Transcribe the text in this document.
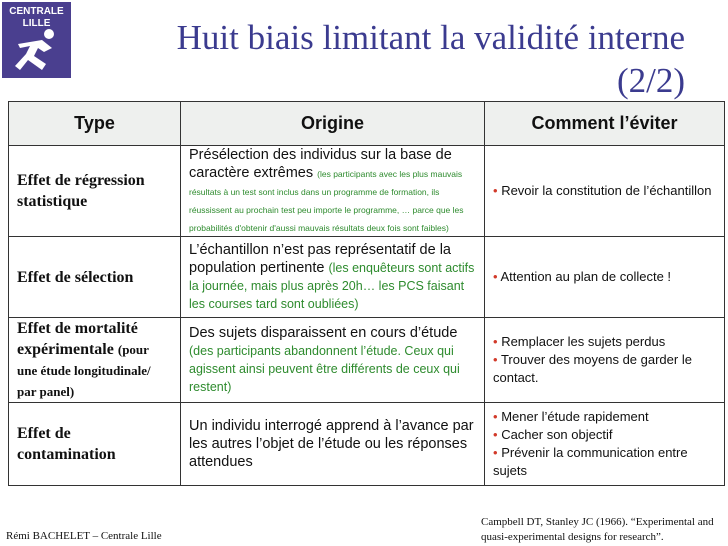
CENTRALE
LILLE	Huit biais limitant la validité interne
(2/2)
Type	Origine	Comment l’éviter
Effet de régression statistique	Présélection des individus sur la base de caractère extrêmes (les participants avec les plus mauvais résultats à un test sont inclus dans un programme de formation, ils réussissent au prochain test peu importe le programme, … parce que les probabilités d'obtenir d'aussi mauvais résultats deux fois sont faibles)	• Revoir la constitution de l’échantillon

Effet de sélection	L’échantillon n’est pas représentatif de la population pertinente (les enquêteurs sont actifs la journée, mais plus après 20h… les PCS faisant les courses tard sont oubliées)	• Attention au plan de collecte !

Effet de mortalité expérimentale (pour une étude longitudinale/ par panel)	Des sujets disparaissent en cours d’étude (des participants abandonnent l’étude. Ceux qui agissent ainsi peuvent être différents de ceux qui restent)	• Remplacer les sujets perdus
• Trouver des moyens de garder le contact.

Effet de contamination	Un individu interrogé apprend à l’avance par les autres l’objet de l’étude ou les réponses attendues	• Mener l’étude rapidement
• Cacher son objectif
• Prévenir la communication entre sujets
Rémi BACHELET – Centrale Lille
Campbell DT, Stanley JC (1966). “Experimental and quasi-experimental designs for research”.
